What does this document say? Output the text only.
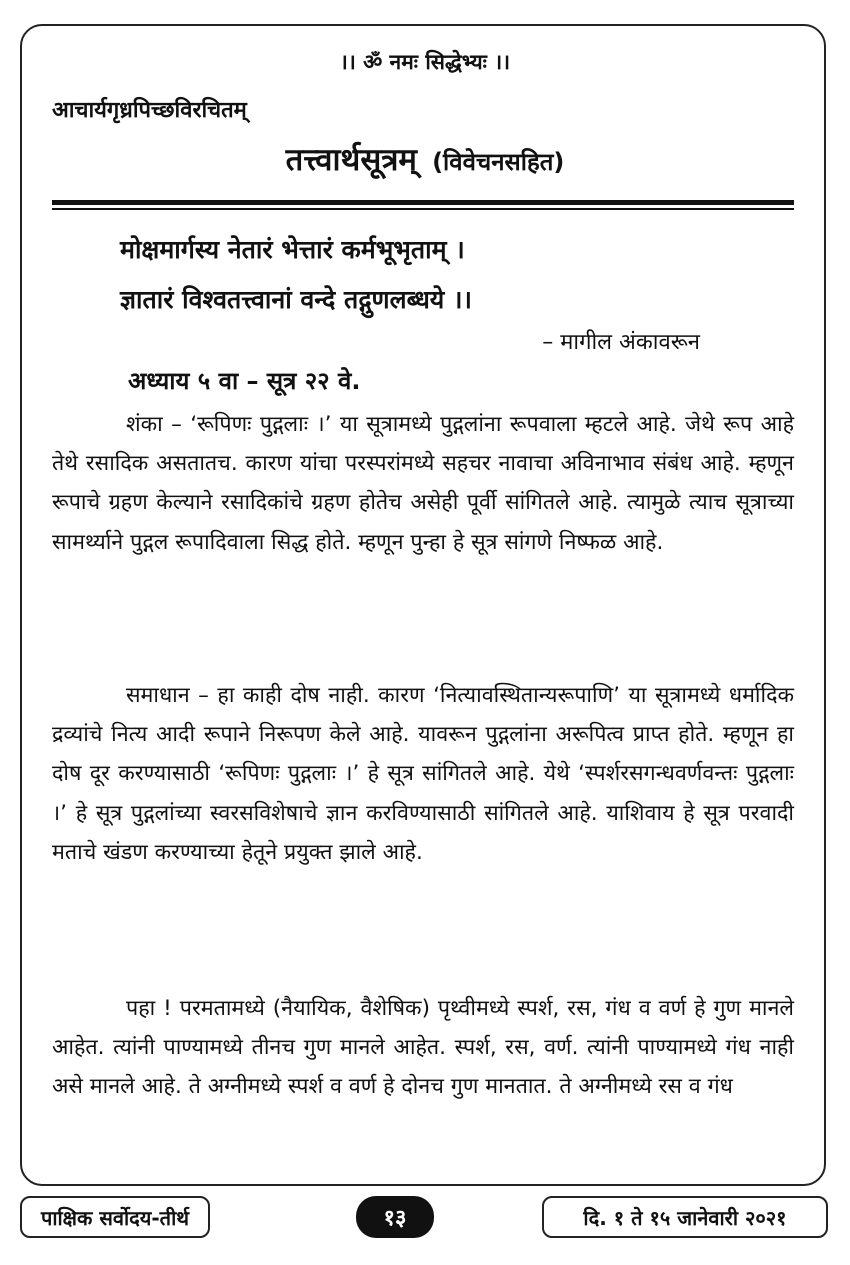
।। ॐ नमः सिद्धेभ्यः ।।
आचार्यगृध्रपिच्छविरचितम्
तत्त्वार्थसूत्रम् (विवेचनसहित)
मोक्षमार्गस्य नेतारं भेत्तारं कर्मभूभृताम् ।
ज्ञातारं विश्वतत्त्वानां वन्दे तद्गुणलब्धये ।।
– मागील अंकावरून
अध्याय ५ वा – सूत्र २२ वे.

शंका – ‘रूपिणः पुद्गलाः ।’ या सूत्रामध्ये पुद्गलांना रूपवाला म्हटले आहे. जेथे रूप आहे तेथे रसादिक असतातच. कारण यांचा परस्परांमध्ये सहचर नावाचा अविनाभाव संबंध आहे. म्हणून रूपाचे ग्रहण केल्याने रसादिकांचे ग्रहण होतेच असेही पूर्वी सांगितले आहे. त्यामुळे त्याच सूत्राच्या सामर्थ्याने पुद्गल रूपादिवाला सिद्ध होते. म्हणून पुन्हा हे सूत्र सांगणे निष्फळ आहे.

समाधान – हा काही दोष नाही. कारण ‘नित्यावस्थितान्यरूपाणि’ या सूत्रामध्ये धर्मादिक द्रव्यांचे नित्य आदी रूपाने निरूपण केले आहे. यावरून पुद्गलांना अरूपित्व प्राप्त होते. म्हणून हा दोष दूर करण्यासाठी ‘रूपिणः पुद्गलाः ।’ हे सूत्र सांगितले आहे. येथे ‘स्पर्शरसगन्धवर्णवन्तः पुद्गलाः ।’ हे सूत्र पुद्गलांच्या स्वरसविशेषाचे ज्ञान करविण्यासाठी सांगितले आहे. याशिवाय हे सूत्र परवादी मताचे खंडण करण्याच्या हेतूने प्रयुक्त झाले आहे.

पहा ! परमतामध्ये (नैयायिक, वैशेषिक) पृथ्वीमध्ये स्पर्श, रस, गंध व वर्ण हे गुण मानले आहेत. त्यांनी पाण्यामध्ये तीनच गुण मानले आहेत. स्पर्श, रस, वर्ण. त्यांनी पाण्यामध्ये गंध नाही असे मानले आहे. ते अग्नीमध्ये स्पर्श व वर्ण हे दोनच गुण मानतात. ते अग्नीमध्ये रस व गंध

पाक्षिक सर्वोदय-तीर्थ	१३	दि. १ ते १५ जानेवारी २०२१
